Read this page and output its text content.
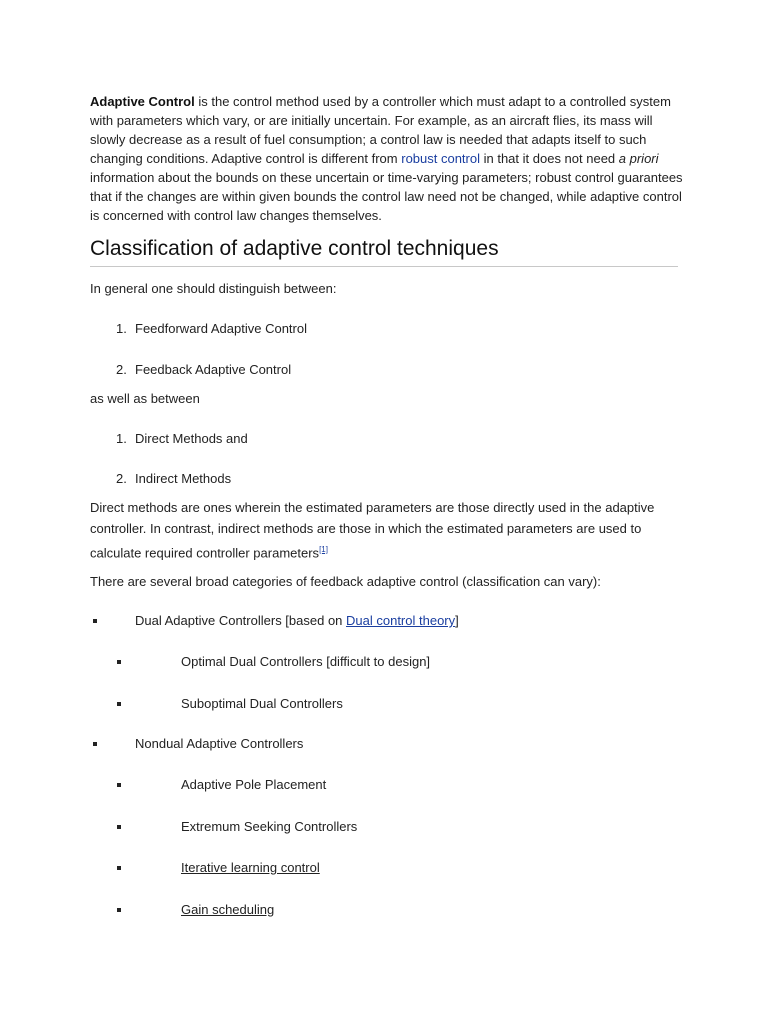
Adaptive Control is the control method used by a controller which must adapt to a controlled system with parameters which vary, or are initially uncertain. For example, as an aircraft flies, its mass will slowly decrease as a result of fuel consumption; a control law is needed that adapts itself to such changing conditions. Adaptive control is different from robust control in that it does not need a priori information about the bounds on these uncertain or time-varying parameters; robust control guarantees that if the changes are within given bounds the control law need not be changed, while adaptive control is concerned with control law changes themselves.
Classification of adaptive control techniques
In general one should distinguish between:
1. Feedforward Adaptive Control
2. Feedback Adaptive Control
as well as between
1. Direct Methods and
2. Indirect Methods
Direct methods are ones wherein the estimated parameters are those directly used in the adaptive controller. In contrast, indirect methods are those in which the estimated parameters are used to calculate required controller parameters[1]
There are several broad categories of feedback adaptive control (classification can vary):
Dual Adaptive Controllers [based on Dual control theory]
Optimal Dual Controllers [difficult to design]
Suboptimal Dual Controllers
Nondual Adaptive Controllers
Adaptive Pole Placement
Extremum Seeking Controllers
Iterative learning control
Gain scheduling
